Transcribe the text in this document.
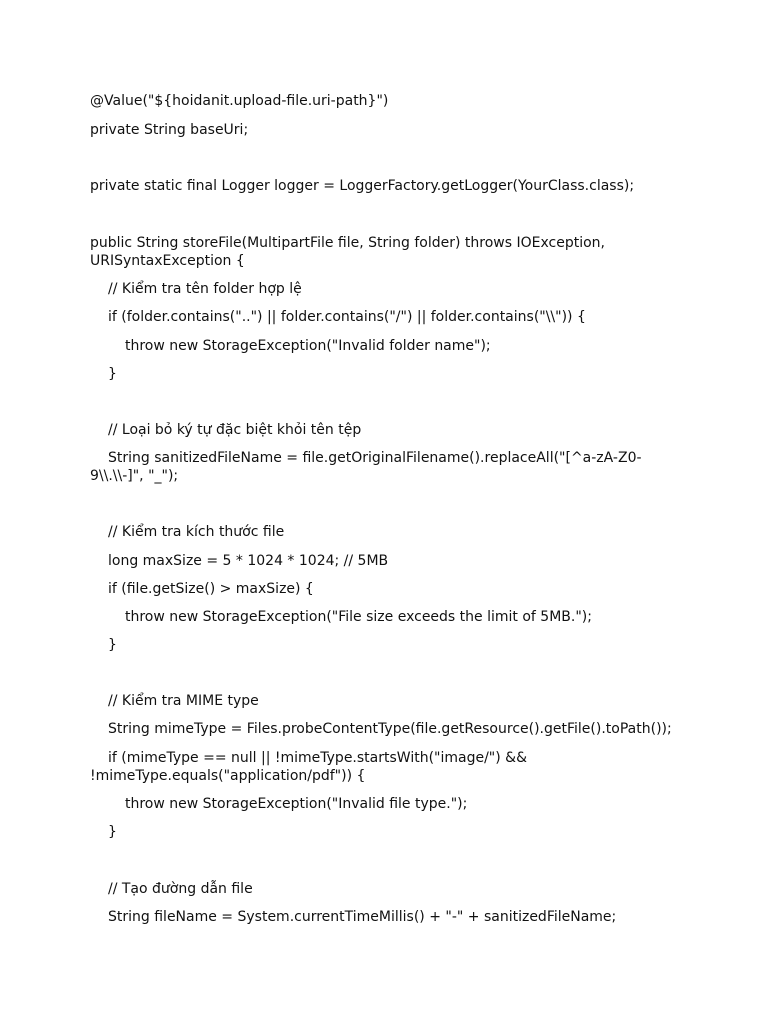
@Value("${hoidanit.upload-file.uri-path}")

private String baseUri;

private static final Logger logger = LoggerFactory.getLogger(YourClass.class);

public String storeFile(MultipartFile file, String folder) throws IOException, URISyntaxException {

// Kiểm tra tên folder hợp lệ

if (folder.contains("..") || folder.contains("/") || folder.contains("\\")) {

throw new StorageException("Invalid folder name");

}

// Loại bỏ ký tự đặc biệt khỏi tên tệp

String sanitizedFileName = file.getOriginalFilename().replaceAll("[^a-zA-Z0-9\\.\\-]", "_");

// Kiểm tra kích thước file

long maxSize = 5 * 1024 * 1024; // 5MB

if (file.getSize() > maxSize) {

throw new StorageException("File size exceeds the limit of 5MB.");

}

// Kiểm tra MIME type

String mimeType = Files.probeContentType(file.getResource().getFile().toPath());

if (mimeType == null || !mimeType.startsWith("image/") && !mimeType.equals("application/pdf")) {

throw new StorageException("Invalid file type.");

}

// Tạo đường dẫn file

String fileName = System.currentTimeMillis() + "-" + sanitizedFileName;
